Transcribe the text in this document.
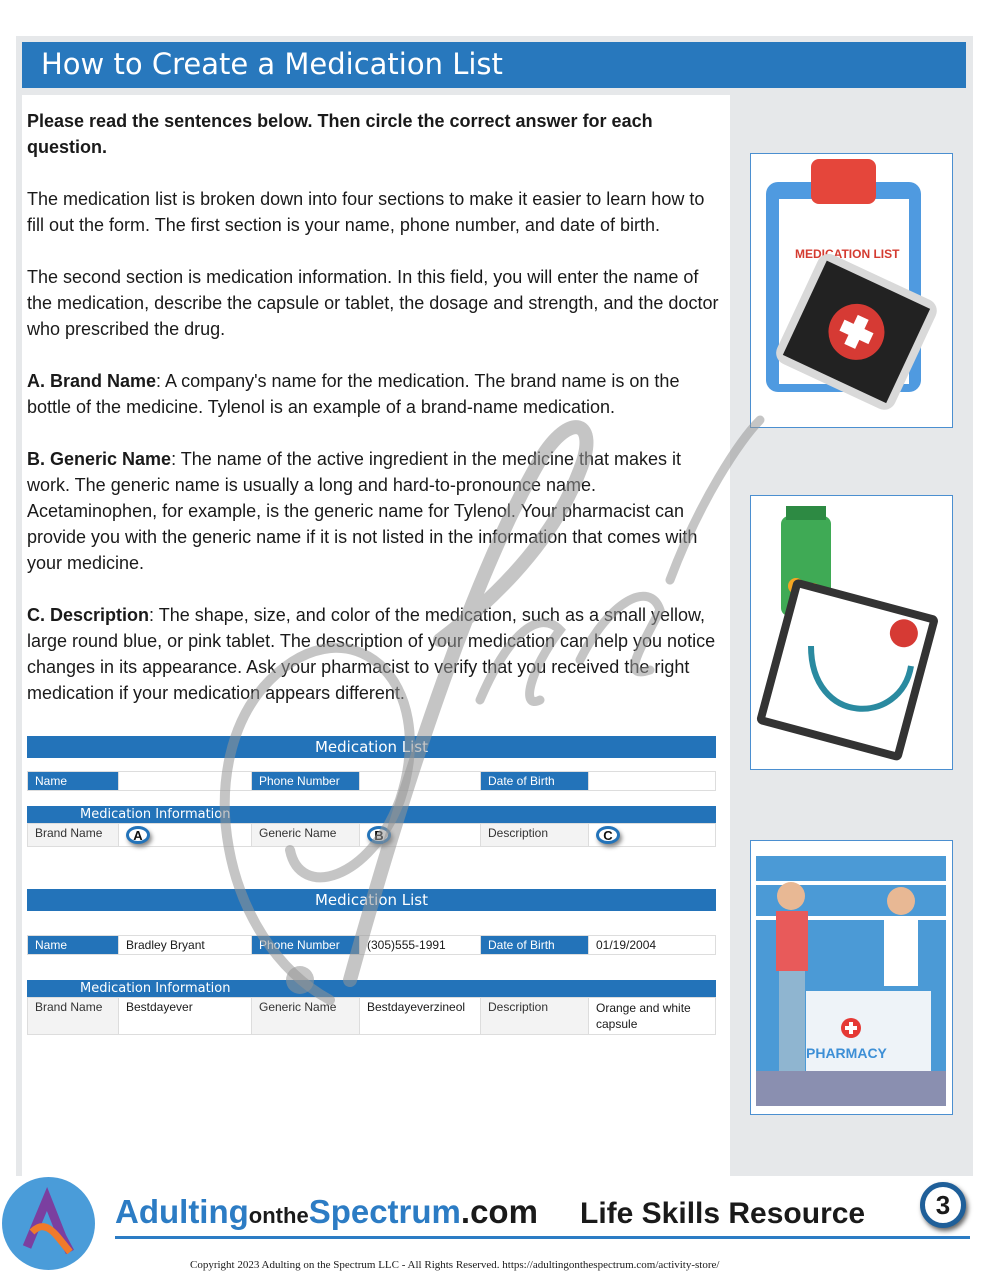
How to Create a Medication List
Please read the sentences below. Then circle the correct answer for each question.
The medication list is broken down into four sections to make it easier to learn how to fill out the form. The first section is your name, phone number, and date of birth.
The second section is medication information. In this field, you will enter the name of the medication, describe the capsule or tablet, the dosage and strength, and the doctor who prescribed the drug.
A. Brand Name: A company's name for the medication. The brand name is on the bottle of the medicine. Tylenol is an example of a brand-name medication.
B. Generic Name: The name of the active ingredient in the medicine that makes it work. The generic name is usually a long and hard-to-pronounce name. Acetaminophen, for example, is the generic name for Tylenol. Your pharmacist can provide you with the generic name if it is not listed in the information that comes with your medicine.
C. Description: The shape, size, and color of the medication, such as a small yellow, large round blue, or pink tablet. The description of your medication can help you notice changes in its appearance. Ask your pharmacist to verify that you received the right medication if your medication appears different.
Medication List
Name	Phone Number	Date of Birth
Medication Information
Brand Name	A	Generic Name	B	Description	C
Medication List
Name	Bradley Bryant	Phone Number	(305)555-1991	Date of Birth	01/19/2004
Medication Information
Brand Name	Bestdayever	Generic Name	Bestdayeverzineol	Description	Orange and white capsule
MEDICATION LIST
PHARMACY
AdultingontheSpectrum.com Life Skills Resource	3
Copyright 2023 Adulting on the Spectrum LLC - All Rights Reserved. https://adultingonthespectrum.com/activity-store/
